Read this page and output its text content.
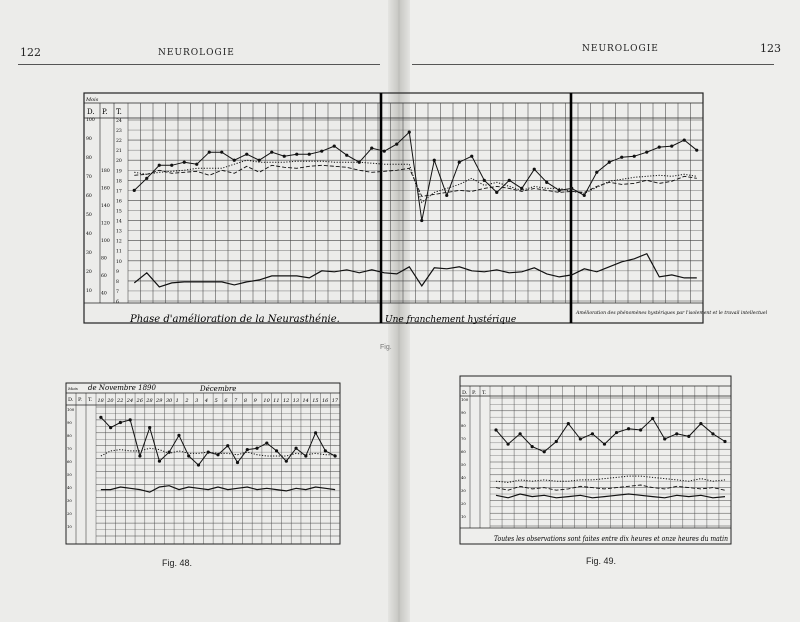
122	NEUROLOGIE	NEUROLOGIE	123
Fig.
Fig. 48.	Fig. 49.
Mois
D. P. T.
24
23
22
21
20
19
18
17
16
15
14
13
12
11
10
9
8
7
6
180
160
140
120
100
80
60
40
100
90
80
70
60
50
40
30
20
10
Phase d'amélioration de la Neurasthénie.	Une franchement hystérique
Amélioration des phénomènes hystériques par l'isolement et le travail intellectuel
Mois de Novembre 1890	Décembre
D. P. T. 18 20 22 24 26 28 29 30 1 2 3 4 5 6 7 8 9 10 11 12 13 14 15 16 17
100
90
80
70
60
50
40
30
20
10
D. P. T.
100
90
80
70
60
50
40
30
20
10
Toutes les observations sont faites entre dix heures et onze heures du matin
